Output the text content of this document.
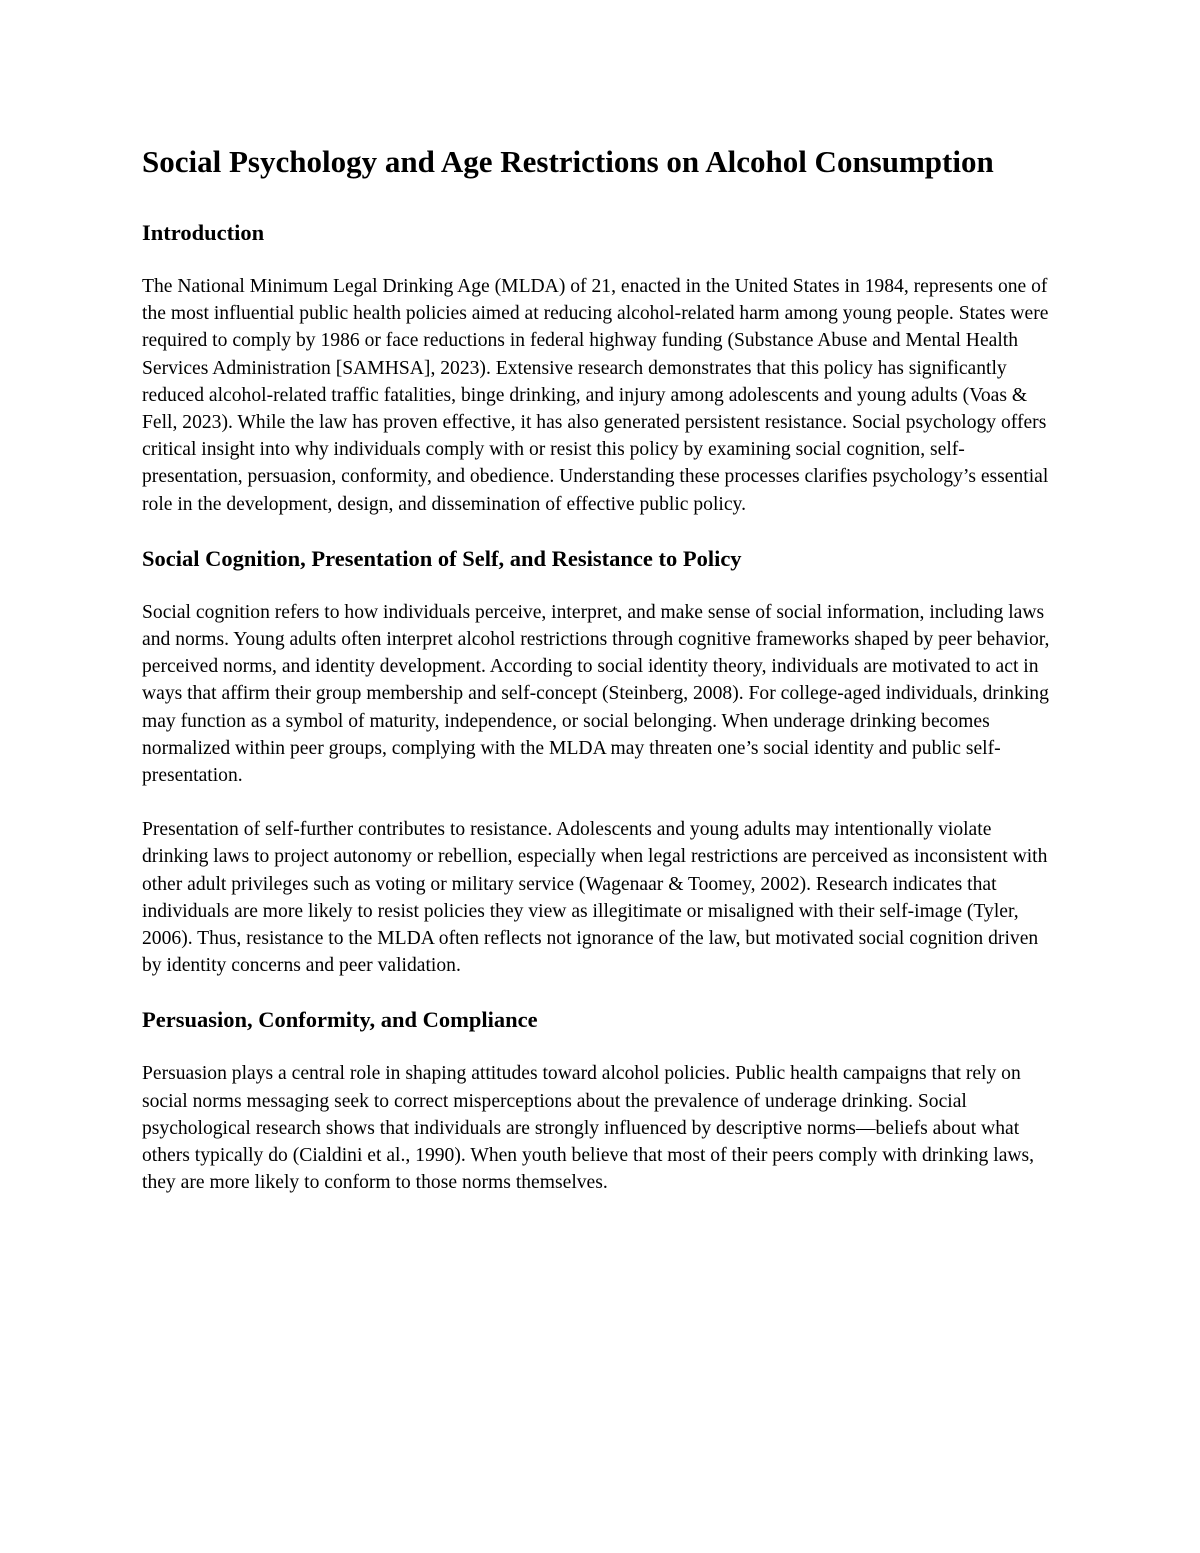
Social Psychology and Age Restrictions on Alcohol Consumption
Introduction

The National Minimum Legal Drinking Age (MLDA) of 21, enacted in the United States in 1984, represents one of the most influential public health policies aimed at reducing alcohol-related harm among young people. States were required to comply by 1986 or face reductions in federal highway funding (Substance Abuse and Mental Health Services Administration [SAMHSA], 2023). Extensive research demonstrates that this policy has significantly reduced alcohol-related traffic fatalities, binge drinking, and injury among adolescents and young adults (Voas & Fell, 2023). While the law has proven effective, it has also generated persistent resistance. Social psychology offers critical insight into why individuals comply with or resist this policy by examining social cognition, self-presentation, persuasion, conformity, and obedience. Understanding these processes clarifies psychology’s essential role in the development, design, and dissemination of effective public policy.

Social Cognition, Presentation of Self, and Resistance to Policy

Social cognition refers to how individuals perceive, interpret, and make sense of social information, including laws and norms. Young adults often interpret alcohol restrictions through cognitive frameworks shaped by peer behavior, perceived norms, and identity development. According to social identity theory, individuals are motivated to act in ways that affirm their group membership and self-concept (Steinberg, 2008). For college-aged individuals, drinking may function as a symbol of maturity, independence, or social belonging. When underage drinking becomes normalized within peer groups, complying with the MLDA may threaten one’s social identity and public self-presentation.

Presentation of self-further contributes to resistance. Adolescents and young adults may intentionally violate drinking laws to project autonomy or rebellion, especially when legal restrictions are perceived as inconsistent with other adult privileges such as voting or military service (Wagenaar & Toomey, 2002). Research indicates that individuals are more likely to resist policies they view as illegitimate or misaligned with their self-image (Tyler, 2006). Thus, resistance to the MLDA often reflects not ignorance of the law, but motivated social cognition driven by identity concerns and peer validation.

Persuasion, Conformity, and Compliance

Persuasion plays a central role in shaping attitudes toward alcohol policies. Public health campaigns that rely on social norms messaging seek to correct misperceptions about the prevalence of underage drinking. Social psychological research shows that individuals are strongly influenced by descriptive norms—beliefs about what others typically do (Cialdini et al., 1990). When youth believe that most of their peers comply with drinking laws, they are more likely to conform to those norms themselves.
